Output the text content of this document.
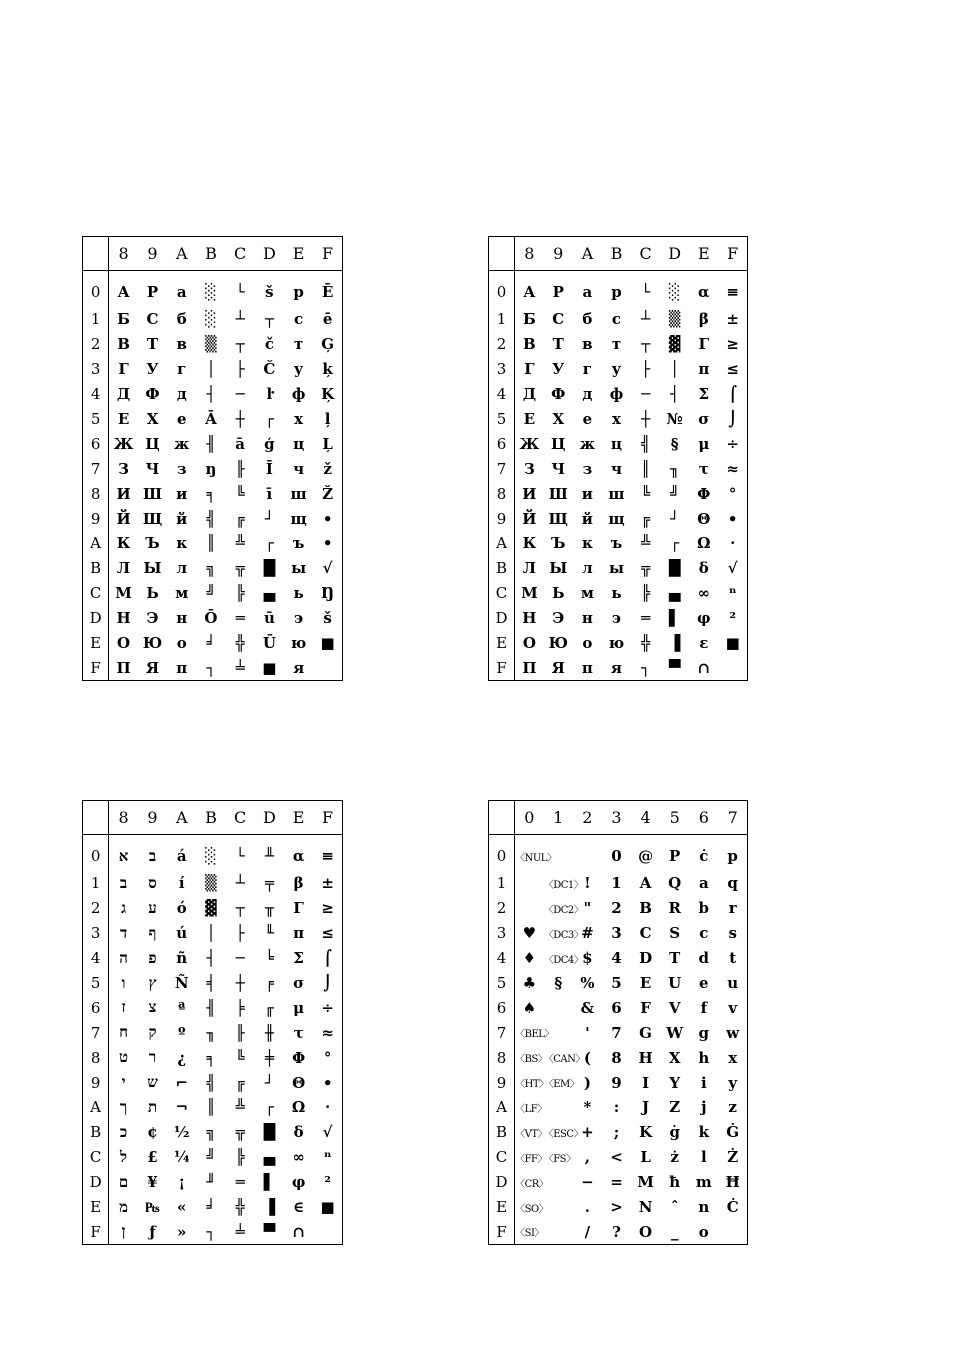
	8	9	A	B	C	D	E	F
0	А	Р	а	░	└	š	р	Ē
1	Б	С	б	░	┴	┬	с	ē
2	В	Т	в	▒	┬	č	т	Ģ
3	Г	У	г	│	├	Č	у	ķ
4	Д	Ф	д	┤	─	ŀ	ф	Ķ
5	Е	Х	е	Ā	┼	┌	х	ļ
6	Ж	Ц	ж	╢	ā	ģ	ц	Ļ
7	З	Ч	з	ŋ	╟	Ī	ч	ž
8	И	Ш	и	╕	╚	ī	ш	Ž
9	Й	Щ	й	╣	╔	┘	щ	•
A	К	Ъ	к	║	╩	┌	ъ	•
B	Л	Ы	л	╗	╦	█	ы	√
C	М	Ь	м	╝	╠	▄	ь	Ŋ
D	Н	Э	н	Ō	═	ū	э	š
E	О	Ю	о	╛	╬	Ū	ю	■
F	П	Я	п	┐	╧	■	я	
	8	9	A	B	C	D	E	F
0	А	Р	а	р	└	░	α	≡
1	Б	С	б	с	┴	▒	β	±
2	В	Т	в	т	┬	▓	Γ	≥
3	Г	У	г	у	├	│	π	≤
4	Д	Ф	д	ф	─	┤	Σ	⌠
5	Е	Х	е	х	┼	№	σ	⌡
6	Ж	Ц	ж	ц	╣	§	μ	÷
7	З	Ч	з	ч	║	╖	τ	≈
8	И	Ш	и	ш	╚	╝	Φ	°
9	Й	Щ	й	щ	╔	┘	Θ	•
A	К	Ъ	к	ъ	╩	┌	Ω	·
B	Л	Ы	л	ы	╦	█	δ	√
C	М	Ь	м	ь	╠	▄	∞	ⁿ
D	Н	Э	н	э	═	▌	φ	²
E	О	Ю	о	ю	╬	▐	ε	■
F	П	Я	п	я	┐	▀	∩	
	8	9	A	B	C	D	E	F
0	א	ב	á	░	└	╨	α	≡
1	ב	ס	í	▒	┴	╤	β	±
2	ג	ע	ó	▓	┬	╥	Γ	≥
3	ד	ף	ú	│	├	╙	π	≤
4	ה	פ	ñ	┤	─	╘	Σ	⌠
5	ו	ץ	Ñ	╡	┼	╒	σ	⌡
6	ז	צ	ª	╢	╞	╓	μ	÷
7	ח	ק	º	╖	╟	╫	τ	≈
8	ט	ר	¿	╕	╚	╪	Φ	°
9	י	ש	⌐	╣	╔	┘	Θ	•
A	ך	ת	¬	║	╩	┌	Ω	·
B	כ	¢	½	╗	╦	█	δ	√
C	ל	£	¼	╝	╠	▄	∞	ⁿ
D	ם	¥	¡	╜	═	▌	φ	²
E	מ	₧	«	╛	╬	▐	∈	■
F	ן	ƒ	»	┐	╧	▀	∩	
	0	1	2	3	4	5	6	7
0	〈NUL〉			0	@	P	ċ	p
1		〈DC1〉	!	1	A	Q	a	q
2		〈DC2〉	"	2	B	R	b	r
3	♥	〈DC3〉	#	3	C	S	c	s
4	♦	〈DC4〉	$	4	D	T	d	t
5	♣	§	%	5	E	U	e	u
6	♠		&	6	F	V	f	v
7	〈BEL〉		'	7	G	W	g	w
8	〈BS〉	〈CAN〉	(	8	H	X	h	x
9	〈HT〉	〈EM〉	)	9	I	Y	i	y
A	〈LF〉		*	:	J	Z	j	z
B	〈VT〉	〈ESC〉	+	;	K	ġ	k	Ġ
C	〈FF〉	〈FS〉	,	<	L	ż	l	Ż
D	〈CR〉		−	=	M	ħ	m	Ħ
E	〈SO〉		.	>	N	ˆ	n	Ċ
F	〈SI〉		/	?	O	_	o	
